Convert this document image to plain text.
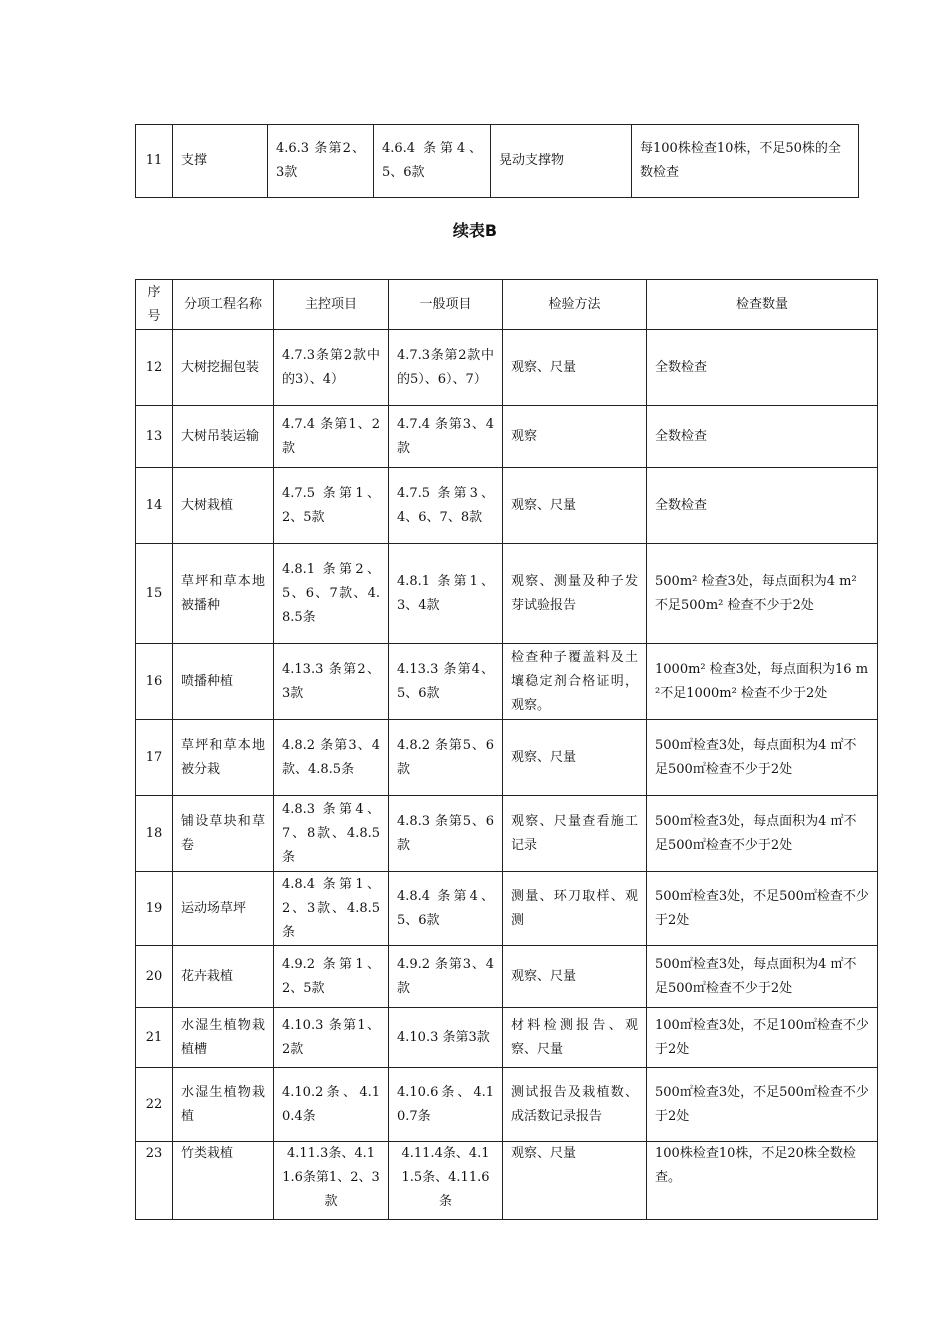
11	支撑	4.6.3 条第2、3款	4.6.4 条第4、5、6款	晃动支撑物	每100株检查10株，不足50株的全数检查
续表B
序号	分项工程名称	主控项目	一般项目	检验方法	检查数量
12	大树挖掘包装	4.7.3条第2款中的3）、4）	4.7.3条第2款中的5）、6）、7）	观察、尺量	全数检查
13	大树吊装运输	4.7.4 条第1、2款	4.7.4 条第3、4款	观察	全数检查
14	大树栽植	4.7.5 条第1、2、5款	4.7.5 条第3、4、6、7、8款	观察、尺量	全数检查
15	草坪和草本地被播种	4.8.1 条第2、5、6、7款、4.8.5条	4.8.1 条第1、3、4款	观察、测量及种子发芽试验报告	500m² 检查3处，每点面积为4 m² 不足500m² 检查不少于2处
16	喷播种植	4.13.3 条第2、3款	4.13.3 条第4、5、6款	检查种子覆盖料及土壤稳定剂合格证明，观察。	1000m² 检查3处，每点面积为16 m²不足1000m² 检查不少于2处
17	草坪和草本地被分栽	4.8.2 条第3、4款、4.8.5条	4.8.2 条第5、6款	观察、尺量	500㎡检查3处，每点面积为4 ㎡不足500㎡检查不少于2处
18	铺设草块和草卷	4.8.3 条第4、7、8款、4.8.5条	4.8.3 条第5、6款	观察、尺量查看施工记录	500㎡检查3处，每点面积为4 ㎡不足500㎡检查不少于2处
19	运动场草坪	4.8.4 条第1、2、3款、4.8.5条	4.8.4 条第4、5、6款	测量、环刀取样、观测	500㎡检查3处，不足500㎡检查不少于2处
20	花卉栽植	4.9.2 条第1、2、5款	4.9.2 条第3、4款	观察、尺量	500㎡检查3处，每点面积为4 ㎡不足500㎡检查不少于2处
21	水湿生植物栽植槽	4.10.3 条第1、2款	4.10.3 条第3款	材料检测报告、观察、尺量	100㎡检查3处，不足100㎡检查不少于2处
22	水湿生植物栽植	4.10.2条、4.10.4条	4.10.6条、4.10.7条	测试报告及栽植数、成活数记录报告	500㎡检查3处，不足500㎡检查不少于2处
23	竹类栽植	4.11.3条、4.11.6条第1、2、3款	4.11.4条、4.11.5条、4.11.6条	观察、尺量	100株检查10株，不足20株全数检查。
